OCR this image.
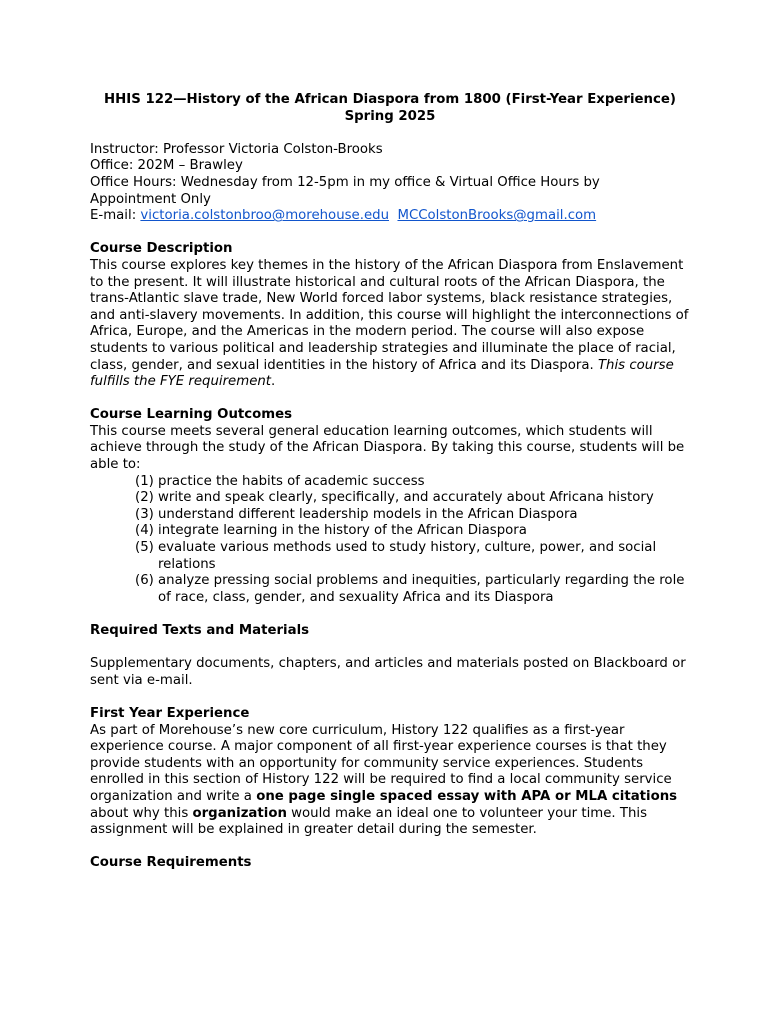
HHIS 122—History of the African Diaspora from 1800 (First-Year Experience)

Spring 2025

Instructor: Professor Victoria Colston-Brooks

Office: 202M – Brawley

Office Hours: Wednesday from 12-5pm in my office & Virtual Office Hours by Appointment Only

E-mail: victoria.colstonbroo@morehouse.edu MCColstonBrooks@gmail.com

Course Description

This course explores key themes in the history of the African Diaspora from Enslavement to the present. It will illustrate historical and cultural roots of the African Diaspora, the trans-Atlantic slave trade, New World forced labor systems, black resistance strategies, and anti-slavery movements. In addition, this course will highlight the interconnections of Africa, Europe, and the Americas in the modern period. The course will also expose students to various political and leadership strategies and illuminate the place of racial, class, gender, and sexual identities in the history of Africa and its Diaspora. This course fulfills the FYE requirement.

Course Learning Outcomes

This course meets several general education learning outcomes, which students will achieve through the study of the African Diaspora. By taking this course, students will be able to:

(1) practice the habits of academic success
(2) write and speak clearly, specifically, and accurately about Africana history
(3) understand different leadership models in the African Diaspora
(4) integrate learning in the history of the African Diaspora
(5) evaluate various methods used to study history, culture, power, and social relations
(6) analyze pressing social problems and inequities, particularly regarding the role of race, class, gender, and sexuality Africa and its Diaspora

Required Texts and Materials

Supplementary documents, chapters, and articles and materials posted on Blackboard or sent via e-mail.

First Year Experience

As part of Morehouse’s new core curriculum, History 122 qualifies as a first-year experience course. A major component of all first-year experience courses is that they provide students with an opportunity for community service experiences. Students enrolled in this section of History 122 will be required to find a local community service organization and write a one page single spaced essay with APA or MLA citations about why this organization would make an ideal one to volunteer your time. This assignment will be explained in greater detail during the semester.

Course Requirements
